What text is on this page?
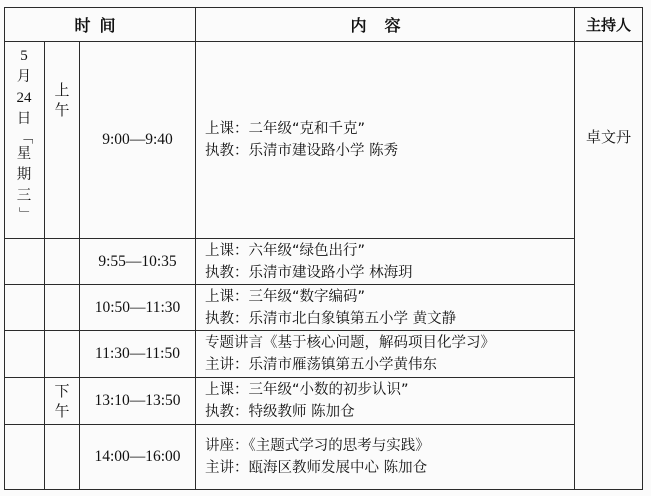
时间	内容	主持人
5
月
24
日
「
星
期
三
」
上
午
下
午
卓文丹
9:00—9:40
上课：二年级“克和千克”
执教：乐清市建设路小学 陈秀
9:55—10:35
上课：六年级“绿色出行”
执教：乐清市建设路小学 林海玥
10:50—11:30
上课：三年级“数字编码”
执教：乐清市北白象镇第五小学 黄文静
11:30—11:50
专题讲言《基于核心问题，解码项目化学习》
主讲：乐清市雁荡镇第五小学黄伟东
13:10—13:50
上课：三年级“小数的初步认识”
执教：特级教师 陈加仓
14:00—16:00
讲座：《主题式学习的思考与实践》
主讲：瓯海区教师发展中心 陈加仓
